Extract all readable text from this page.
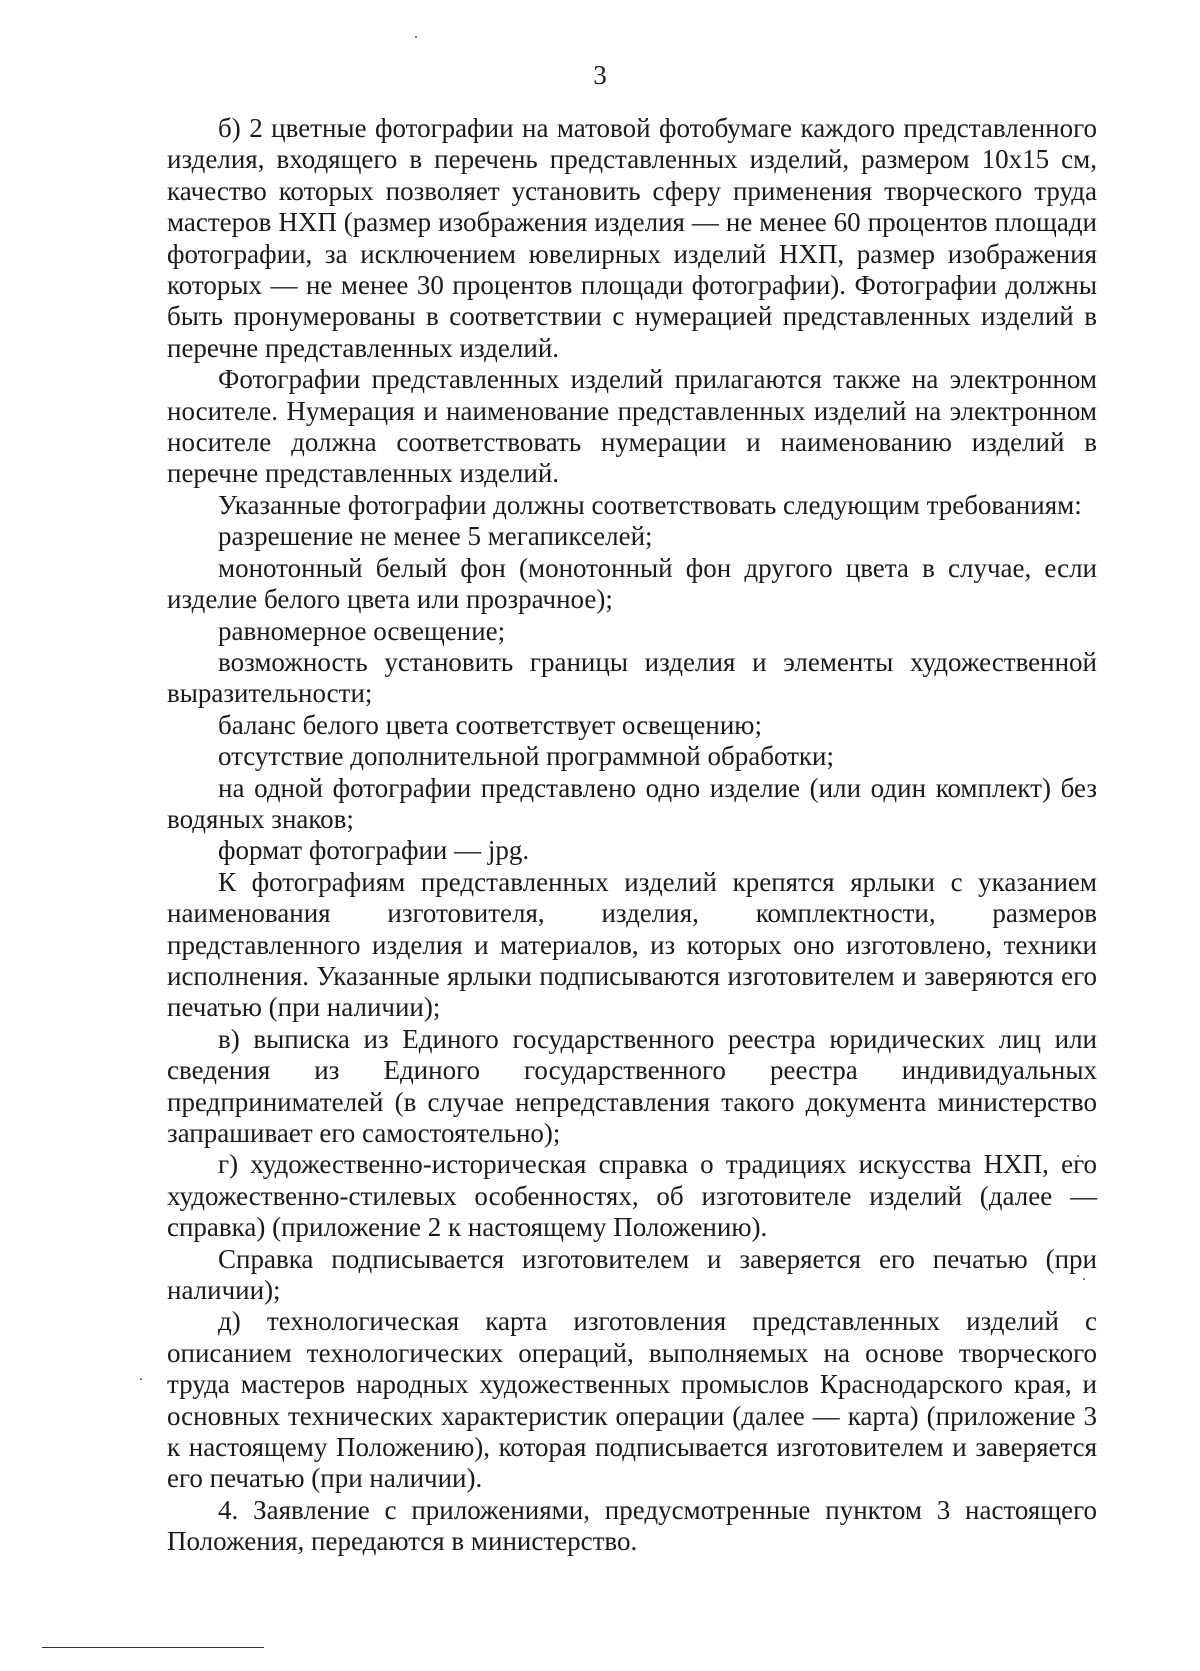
3

б) 2 цветные фотографии на матовой фотобумаге каждого представленного изделия, входящего в перечень представленных изделий, размером 10х15 см, качество которых позволяет установить сферу применения творческого труда мастеров НХП (размер изображения изделия — не менее 60 процентов площади фотографии, за исключением ювелирных изделий НХП, размер изображения которых — не менее 30 процентов площади фотографии). Фотографии должны быть пронумерованы в соответствии с нумерацией представленных изделий в перечне представленных изделий.

Фотографии представленных изделий прилагаются также на электронном носителе. Нумерация и наименование представленных изделий на электронном носителе должна соответствовать нумерации и наименованию изделий в перечне представленных изделий.

Указанные фотографии должны соответствовать следующим требованиям:

разрешение не менее 5 мегапикселей;

монотонный белый фон (монотонный фон другого цвета в случае, если изделие белого цвета или прозрачное);

равномерное освещение;

возможность установить границы изделия и элементы художественной выразительности;

баланс белого цвета соответствует освещению;

отсутствие дополнительной программной обработки;

на одной фотографии представлено одно изделие (или один комплект) без водяных знаков;

формат фотографии — jpg.

К фотографиям представленных изделий крепятся ярлыки с указанием наименования изготовителя, изделия, комплектности, размеров представленного изделия и материалов, из которых оно изготовлено, техники исполнения. Указанные ярлыки подписываются изготовителем и заверяются его печатью (при наличии);

в) выписка из Единого государственного реестра юридических лиц или сведения из Единого государственного реестра индивидуальных предпринимателей (в случае непредставления такого документа министерство запрашивает его самостоятельно);

г) художественно-историческая справка о традициях искусства НХП, его художественно-стилевых особенностях, об изготовителе изделий (далее — справка) (приложение 2 к настоящему Положению).

Справка подписывается изготовителем и заверяется его печатью (при наличии);

д) технологическая карта изготовления представленных изделий с описанием технологических операций, выполняемых на основе творческого труда мастеров народных художественных промыслов Краснодарского края, и основных технических характеристик операции (далее — карта) (приложение 3 к настоящему Положению), которая подписывается изготовителем и заверяется его печатью (при наличии).

4. Заявление с приложениями, предусмотренные пунктом 3 настоящего Положения, передаются в министерство.
